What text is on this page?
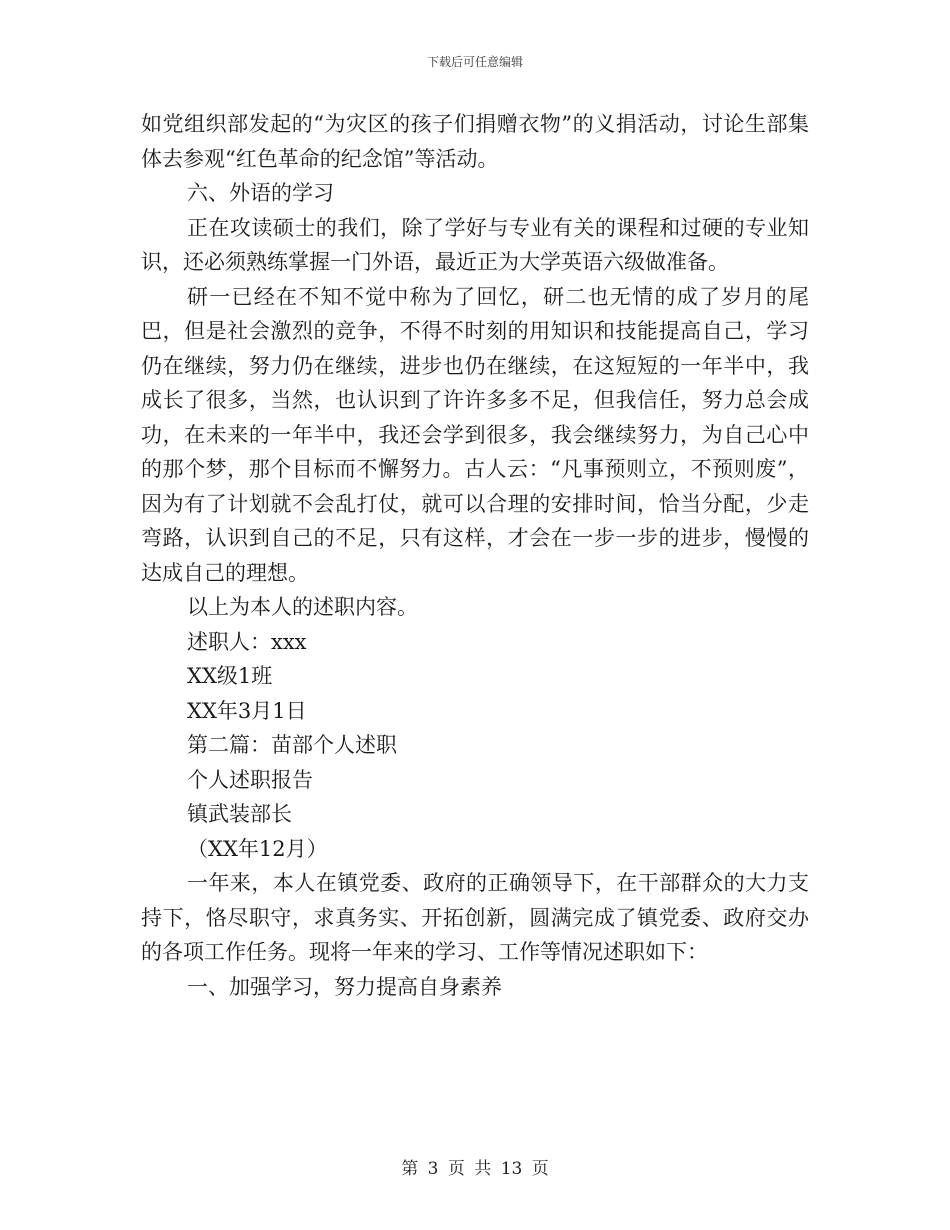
下载后可任意编辑

如党组织部发起的“为灾区的孩子们捐赠衣物”的义捐活动，讨论生部集体去参观“红色革命的纪念馆”等活动。

六、外语的学习

正在攻读硕士的我们，除了学好与专业有关的课程和过硬的专业知识，还必须熟练掌握一门外语，最近正为大学英语六级做准备。

研一已经在不知不觉中称为了回忆，研二也无情的成了岁月的尾巴，但是社会激烈的竞争，不得不时刻的用知识和技能提高自己，学习仍在继续，努力仍在继续，进步也仍在继续，在这短短的一年半中，我成长了很多，当然，也认识到了许许多多不足，但我信任，努力总会成功，在未来的一年半中，我还会学到很多，我会继续努力，为自己心中的那个梦，那个目标而不懈努力。古人云：“凡事预则立，不预则废”，因为有了计划就不会乱打仗，就可以合理的安排时间，恰当分配，少走弯路，认识到自己的不足，只有这样，才会在一步一步的进步，慢慢的达成自己的理想。

以上为本人的述职内容。

述职人：xxx

XX级1班

XX年3月1日

第二篇：苗部个人述职

个人述职报告

镇武装部长

（XX年12月）

一年来，本人在镇党委、政府的正确领导下，在干部群众的大力支持下，恪尽职守，求真务实、开拓创新，圆满完成了镇党委、政府交办的各项工作任务。现将一年来的学习、工作等情况述职如下：

一、加强学习，努力提高自身素养

第 3 页 共 13 页
